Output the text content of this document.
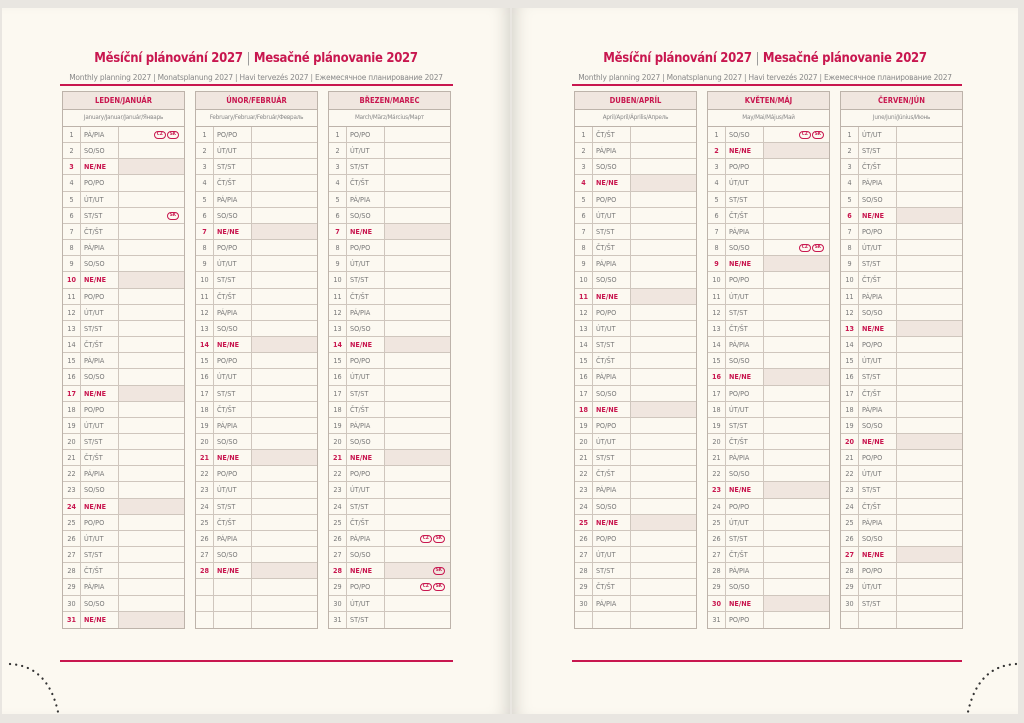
Měsíční plánování 2027 | Mesačné plánovanie 2027
Monthly planning 2027 | Monatsplanung 2027 | Havi tervezés 2027 | Ежемесячное планирование 2027
LEDEN/JANUÁR
January/Januar/Január/Январь
1	PÁ/PIA	CZ SK
2	SO/SO
3	NE/NE
4	PO/PO
5	ÚT/UT
6	ST/ST	SK
7	ČT/ŠT
8	PÁ/PIA
9	SO/SO
10	NE/NE
11	PO/PO
12	ÚT/UT
13	ST/ST
14	ČT/ŠT
15	PÁ/PIA
16	SO/SO
17	NE/NE
18	PO/PO
19	ÚT/UT
20	ST/ST
21	ČT/ŠT
22	PÁ/PIA
23	SO/SO
24	NE/NE
25	PO/PO
26	ÚT/UT
27	ST/ST
28	ČT/ŠT
29	PÁ/PIA
30	SO/SO
31	NE/NE
ÚNOR/FEBRUÁR
February/Februar/Február/Февраль
1	PO/PO
2	ÚT/UT
3	ST/ST
4	ČT/ŠT
5	PÁ/PIA
6	SO/SO
7	NE/NE
8	PO/PO
9	ÚT/UT
10	ST/ST
11	ČT/ŠT
12	PÁ/PIA
13	SO/SO
14	NE/NE
15	PO/PO
16	ÚT/UT
17	ST/ST
18	ČT/ŠT
19	PÁ/PIA
20	SO/SO
21	NE/NE
22	PO/PO
23	ÚT/UT
24	ST/ST
25	ČT/ŠT
26	PÁ/PIA
27	SO/SO
28	NE/NE
BŘEZEN/MAREC
March/März/Március/Март
1	PO/PO
2	ÚT/UT
3	ST/ST
4	ČT/ŠT
5	PÁ/PIA
6	SO/SO
7	NE/NE
8	PO/PO
9	ÚT/UT
10	ST/ST
11	ČT/ŠT
12	PÁ/PIA
13	SO/SO
14	NE/NE
15	PO/PO
16	ÚT/UT
17	ST/ST
18	ČT/ŠT
19	PÁ/PIA
20	SO/SO
21	NE/NE
22	PO/PO
23	ÚT/UT
24	ST/ST
25	ČT/ŠT
26	PÁ/PIA	CZ SK
27	SO/SO
28	NE/NE	SK
29	PO/PO	CZ SK
30	ÚT/UT
31	ST/ST
Měsíční plánování 2027 | Mesačné plánovanie 2027
Monthly planning 2027 | Monatsplanung 2027 | Havi tervezés 2027 | Ежемесячное планирование 2027
DUBEN/APRÍL
April/April/Április/Апрель
1	ČT/ŠT
2	PÁ/PIA
3	SO/SO
4	NE/NE
5	PO/PO
6	ÚT/UT
7	ST/ST
8	ČT/ŠT
9	PÁ/PIA
10	SO/SO
11	NE/NE
12	PO/PO
13	ÚT/UT
14	ST/ST
15	ČT/ŠT
16	PÁ/PIA
17	SO/SO
18	NE/NE
19	PO/PO
20	ÚT/UT
21	ST/ST
22	ČT/ŠT
23	PÁ/PIA
24	SO/SO
25	NE/NE
26	PO/PO
27	ÚT/UT
28	ST/ST
29	ČT/ŠT
30	PÁ/PIA
KVĚTEN/MÁJ
May/Mai/Május/Май
1	SO/SO	CZ SK
2	NE/NE
3	PO/PO
4	ÚT/UT
5	ST/ST
6	ČT/ŠT
7	PÁ/PIA
8	SO/SO	CZ SK
9	NE/NE
10	PO/PO
11	ÚT/UT
12	ST/ST
13	ČT/ŠT
14	PÁ/PIA
15	SO/SO
16	NE/NE
17	PO/PO
18	ÚT/UT
19	ST/ST
20	ČT/ŠT
21	PÁ/PIA
22	SO/SO
23	NE/NE
24	PO/PO
25	ÚT/UT
26	ST/ST
27	ČT/ŠT
28	PÁ/PIA
29	SO/SO
30	NE/NE
31	PO/PO
ČERVEN/JÚN
June/Juni/Június/Июнь
1	ÚT/UT
2	ST/ST
3	ČT/ŠT
4	PÁ/PIA
5	SO/SO
6	NE/NE
7	PO/PO
8	ÚT/UT
9	ST/ST
10	ČT/ŠT
11	PÁ/PIA
12	SO/SO
13	NE/NE
14	PO/PO
15	ÚT/UT
16	ST/ST
17	ČT/ŠT
18	PÁ/PIA
19	SO/SO
20	NE/NE
21	PO/PO
22	ÚT/UT
23	ST/ST
24	ČT/ŠT
25	PÁ/PIA
26	SO/SO
27	NE/NE
28	PO/PO
29	ÚT/UT
30	ST/ST
